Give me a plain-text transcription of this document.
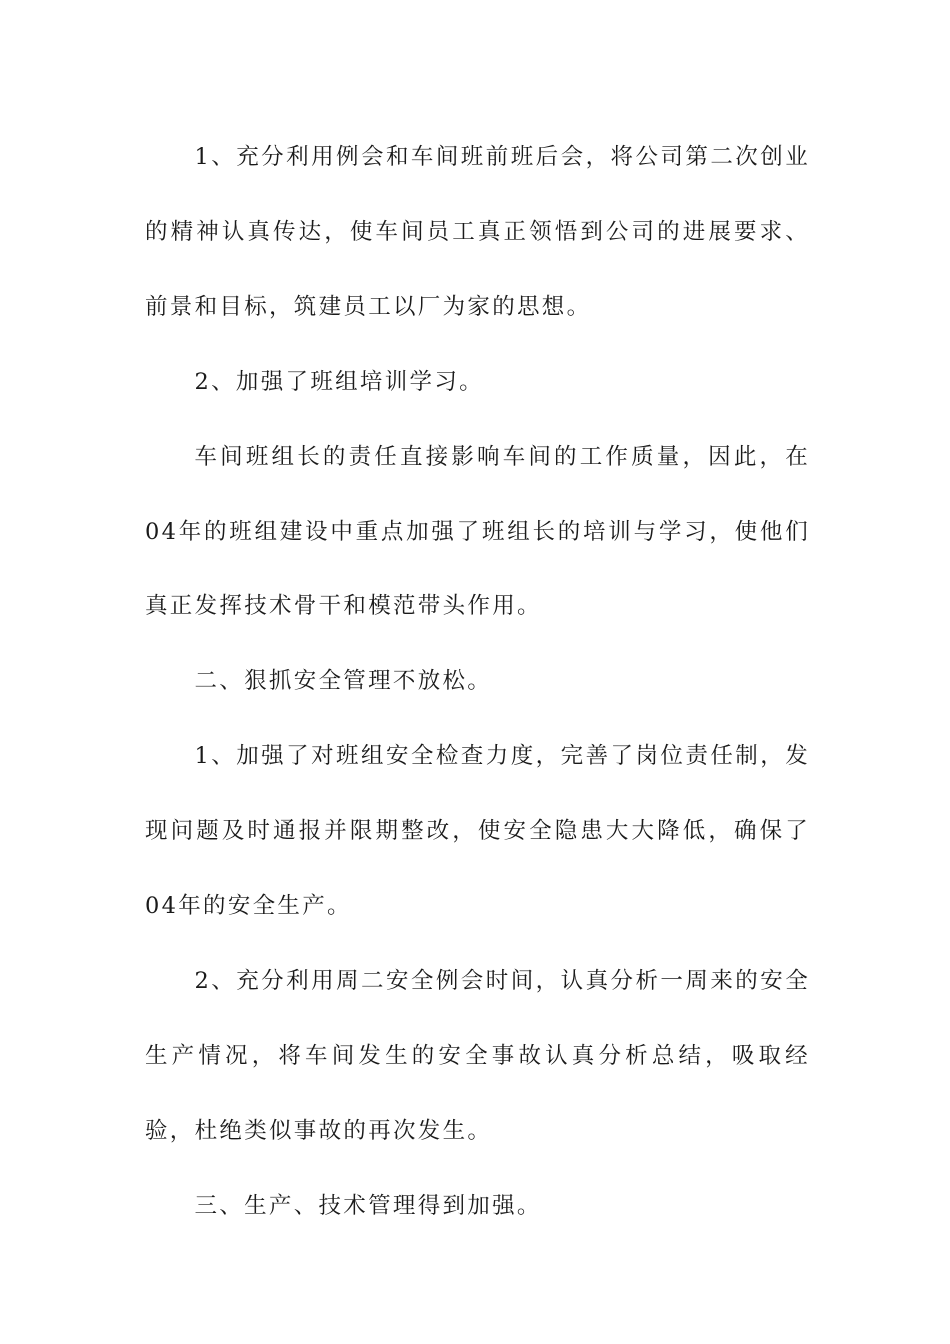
1、充分利用例会和车间班前班后会，将公司第二次创业的精神认真传达，使车间员工真正领悟到公司的进展要求、前景和目标，筑建员工以厂为家的思想。

2、加强了班组培训学习。

车间班组长的责任直接影响车间的工作质量，因此，在04年的班组建设中重点加强了班组长的培训与学习，使他们真正发挥技术骨干和模范带头作用。

二、狠抓安全管理不放松。

1、加强了对班组安全检查力度，完善了岗位责任制，发现问题及时通报并限期整改，使安全隐患大大降低，确保了04年的安全生产。

2、充分利用周二安全例会时间，认真分析一周来的安全生产情况，将车间发生的安全事故认真分析总结，吸取经验，杜绝类似事故的再次发生。

三、生产、技术管理得到加强。
